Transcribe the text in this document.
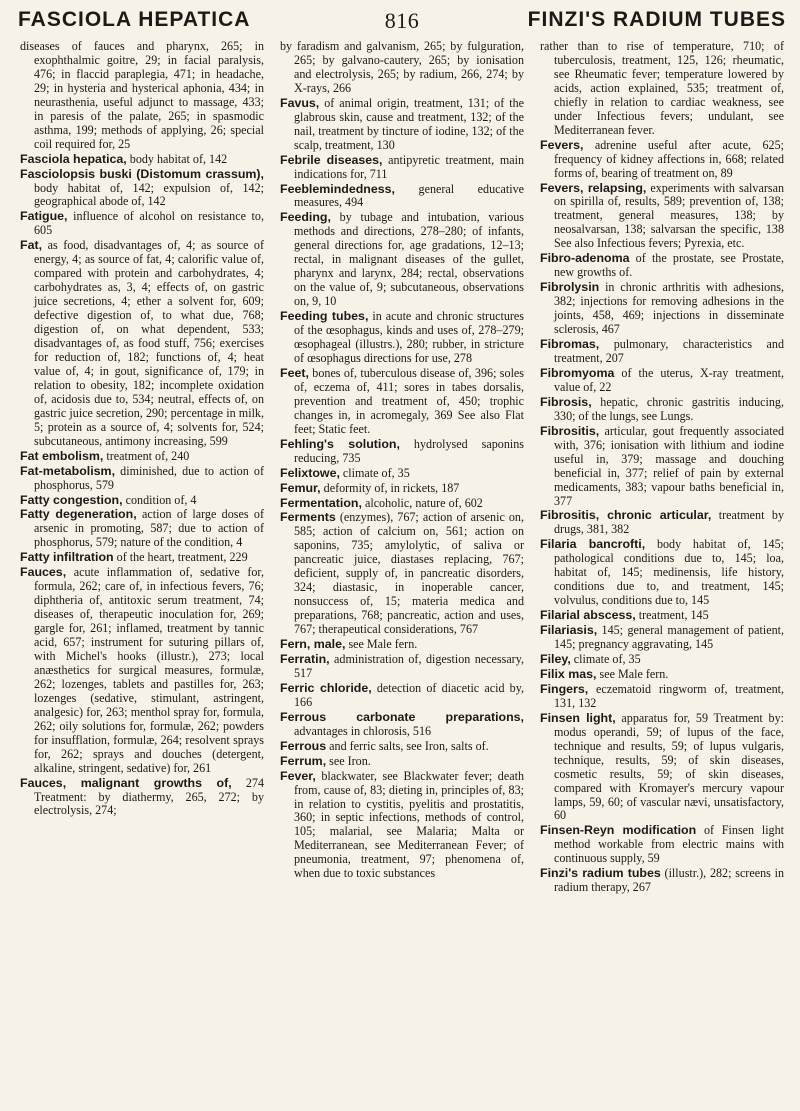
816
FASCIOLA HEPATICA	FINZI'S RADIUM TUBES

diseases of fauces and pharynx, 265; in exophthalmic goitre, 29; in facial paralysis, 476; in flaccid paraplegia, 471; in headache, 29; in hysteria and hysterical aphonia, 434; in neurasthenia, useful adjunct to massage, 433; in paresis of the palate, 265; in spasmodic asthma, 199; methods of applying, 26; special coil required for, 25

Fasciola hepatica, body habitat of, 142

Fasciolopsis buski (Distomum crassum), body habitat of, 142; expulsion of, 142; geographical abode of, 142

Fatigue, influence of alcohol on resistance to, 605

Fat, as food, disadvantages of, 4; as source of energy, 4; as source of fat, 4; calorific value of, compared with protein and carbohydrates, 4; carbohydrates as, 3, 4; effects of, on gastric juice secretions, 4; ether a solvent for, 609; defective digestion of, to what due, 768; digestion of, on what dependent, 533; disadvantages of, as food stuff, 756; exercises for reduction of, 182; functions of, 4; heat value of, 4; in gout, significance of, 179; in relation to obesity, 182; incomplete oxidation of, acidosis due to, 534; neutral, effects of, on gastric juice secretion, 290; percentage in milk, 5; protein as a source of, 4; solvents for, 524; subcutaneous, antimony increasing, 599

Fat embolism, treatment of, 240

Fat-metabolism, diminished, due to action of phosphorus, 579

Fatty congestion, condition of, 4

Fatty degeneration, action of large doses of arsenic in promoting, 587; due to action of phosphorus, 579; nature of the condition, 4

Fatty infiltration of the heart, treatment, 229

Fauces, acute inflammation of, sedative for, formula, 262; care of, in infectious fevers, 76; diphtheria of, antitoxic serum treatment, 74; diseases of, therapeutic inoculation for, 269; gargle for, 261; inflamed, treatment by tannic acid, 657; instrument for suturing pillars of, with Michel's hooks (illustr.), 273; local anæsthetics for surgical measures, formulæ, 262; lozenges, tablets and pastilles for, 263; lozenges (sedative, stimulant, astringent, analgesic) for, 263; menthol spray for, formula, 262; oily solutions for, formulæ, 262; powders for insufflation, formulæ, 264; resolvent sprays for, 262; sprays and douches (detergent, alkaline, stringent, sedative) for, 261

Fauces, malignant growths of, 274 Treatment: by diathermy, 265, 272; by electrolysis, 274;

by faradism and galvanism, 265; by fulguration, 265; by galvano-cautery, 265; by ionisation and electrolysis, 265; by radium, 266, 274; by X-rays, 266

Favus, of animal origin, treatment, 131; of the glabrous skin, cause and treatment, 132; of the nail, treatment by tincture of iodine, 132; of the scalp, treatment, 130

Febrile diseases, antipyretic treatment, main indications for, 711

Feeblemindedness, general educative measures, 494

Feeding, by tubage and intubation, various methods and directions, 278–280; of infants, general directions for, age gradations, 12–13; rectal, in malignant diseases of the gullet, pharynx and larynx, 284; rectal, observations on the value of, 9; subcutaneous, observations on, 9, 10

Feeding tubes, in acute and chronic structures of the œsophagus, kinds and uses of, 278–279; œsophageal (illustrs.), 280; rubber, in stricture of œsophagus directions for use, 278

Feet, bones of, tuberculous disease of, 396; soles of, eczema of, 411; sores in tabes dorsalis, prevention and treatment of, 450; trophic changes in, in acromegaly, 369 See also Flat feet; Static feet.

Fehling's solution, hydrolysed saponins reducing, 735

Felixtowe, climate of, 35

Femur, deformity of, in rickets, 187

Fermentation, alcoholic, nature of, 602

Ferments (enzymes), 767; action of arsenic on, 585; action of calcium on, 561; action on saponins, 735; amylolytic, of saliva or pancreatic juice, diastases replacing, 767; deficient, supply of, in pancreatic disorders, 324; diastasic, in inoperable cancer, nonsuccess of, 15; materia medica and preparations, 768; pancreatic, action and uses, 767; therapeutical considerations, 767

Fern, male, see Male fern.

Ferratin, administration of, digestion necessary, 517

Ferric chloride, detection of diacetic acid by, 166

Ferrous carbonate preparations, advantages in chlorosis, 516

Ferrous and ferric salts, see Iron, salts of.

Ferrum, see Iron.

Fever, blackwater, see Blackwater fever; death from, cause of, 83; dieting in, principles of, 83; in relation to cystitis, pyelitis and prostatitis, 360; in septic infections, methods of control, 105; malarial, see Malaria; Malta or Mediterranean, see Mediterranean Fever; of pneumonia, treatment, 97; phenomena of, when due to toxic substances

rather than to rise of temperature, 710; of tuberculosis, treatment, 125, 126; rheumatic, see Rheumatic fever; temperature lowered by acids, action explained, 535; treatment of, chiefly in relation to cardiac weakness, see under Infectious fevers; undulant, see Mediterranean fever.

Fevers, adrenine useful after acute, 625; frequency of kidney affections in, 668; related forms of, bearing of treatment on, 89

Fevers, relapsing, experiments with salvarsan on spirilla of, results, 589; prevention of, 138; treatment, general measures, 138; by neosalvarsan, 138; salvarsan the specific, 138 See also Infectious fevers; Pyrexia, etc.

Fibro-adenoma of the prostate, see Prostate, new growths of.

Fibrolysin in chronic arthritis with adhesions, 382; injections for removing adhesions in the joints, 458, 469; injections in disseminate sclerosis, 467

Fibromas, pulmonary, characteristics and treatment, 207

Fibromyoma of the uterus, X-ray treatment, value of, 22

Fibrosis, hepatic, chronic gastritis inducing, 330; of the lungs, see Lungs.

Fibrositis, articular, gout frequently associated with, 376; ionisation with lithium and iodine useful in, 379; massage and douching beneficial in, 377; relief of pain by external medicaments, 383; vapour baths beneficial in, 377

Fibrositis, chronic articular, treatment by drugs, 381, 382

Filaria bancrofti, body habitat of, 145; pathological conditions due to, 145; loa, habitat of, 145; medinensis, life history, conditions due to, and treatment, 145; volvulus, conditions due to, 145

Filarial abscess, treatment, 145

Filariasis, 145; general management of patient, 145; pregnancy aggravating, 145

Filey, climate of, 35

Filix mas, see Male fern.

Fingers, eczematoid ringworm of, treatment, 131, 132

Finsen light, apparatus for, 59 Treatment by: modus operandi, 59; of lupus of the face, technique and results, 59; of lupus vulgaris, technique, results, 59; of skin diseases, cosmetic results, 59; of skin diseases, compared with Kromayer's mercury vapour lamps, 59, 60; of vascular nævi, unsatisfactory, 60

Finsen-Reyn modification of Finsen light method workable from electric mains with continuous supply, 59

Finzi's radium tubes (illustr.), 282; screens in radium therapy, 267
